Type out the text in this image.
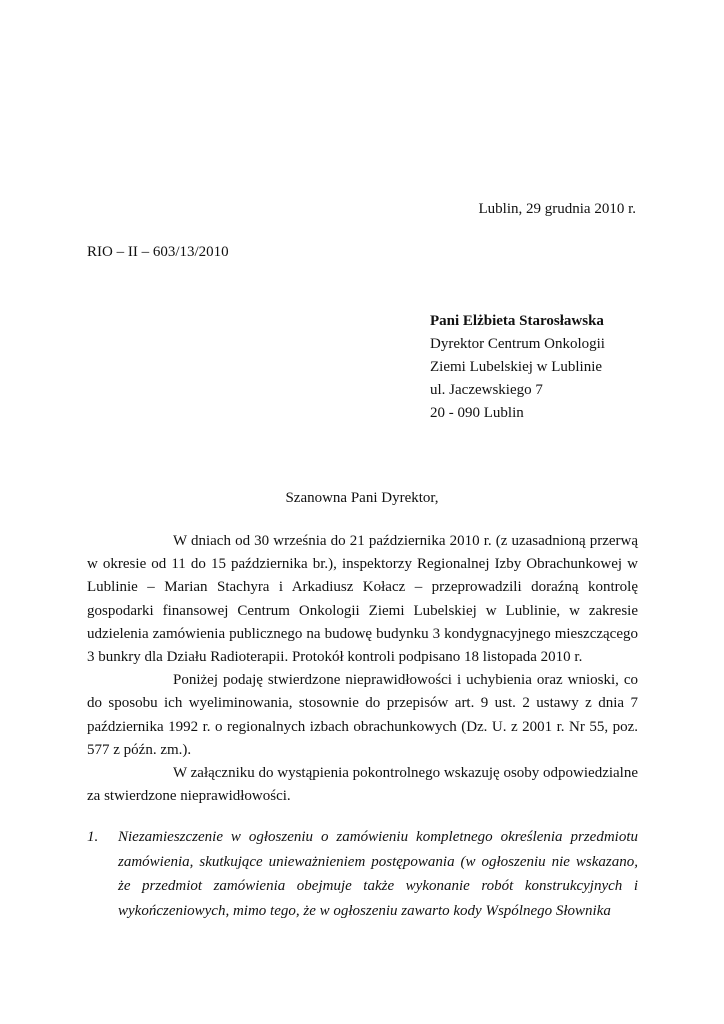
Lublin, 29 grudnia 2010 r.
RIO – II – 603/13/2010
Pani Elżbieta Starosławska
Dyrektor Centrum Onkologii
Ziemi Lubelskiej w Lublinie
ul. Jaczewskiego 7
20 - 090 Lublin
Szanowna Pani Dyrektor,

W dniach od 30 września do 21 października 2010 r. (z uzasadnioną przerwą w okresie od 11 do 15 października br.), inspektorzy Regionalnej Izby Obrachunkowej w Lublinie – Marian Stachyra i Arkadiusz Kołacz – przeprowadzili doraźną kontrolę gospodarki finansowej Centrum Onkologii Ziemi Lubelskiej w Lublinie, w zakresie udzielenia zamówienia publicznego na budowę budynku 3 kondygnacyjnego mieszczącego 3 bunkry dla Działu Radioterapii. Protokół kontroli podpisano 18 listopada 2010 r.

Poniżej podaję stwierdzone nieprawidłowości i uchybienia oraz wnioski, co do sposobu ich wyeliminowania, stosownie do przepisów art. 9 ust. 2 ustawy z dnia 7 października 1992 r. o regionalnych izbach obrachunkowych (Dz. U. z 2001 r. Nr 55, poz. 577 z późn. zm.).

W załączniku do wystąpienia pokontrolnego wskazuję osoby odpowiedzialne za stwierdzone nieprawidłowości.

1. Niezamieszczenie w ogłoszeniu o zamówieniu kompletnego określenia przedmiotu zamówienia, skutkujące unieważnieniem postępowania (w ogłoszeniu nie wskazano, że przedmiot zamówienia obejmuje także wykonanie robót konstrukcyjnych i wykończeniowych, mimo tego, że w ogłoszeniu zawarto kody Wspólnego Słownika
